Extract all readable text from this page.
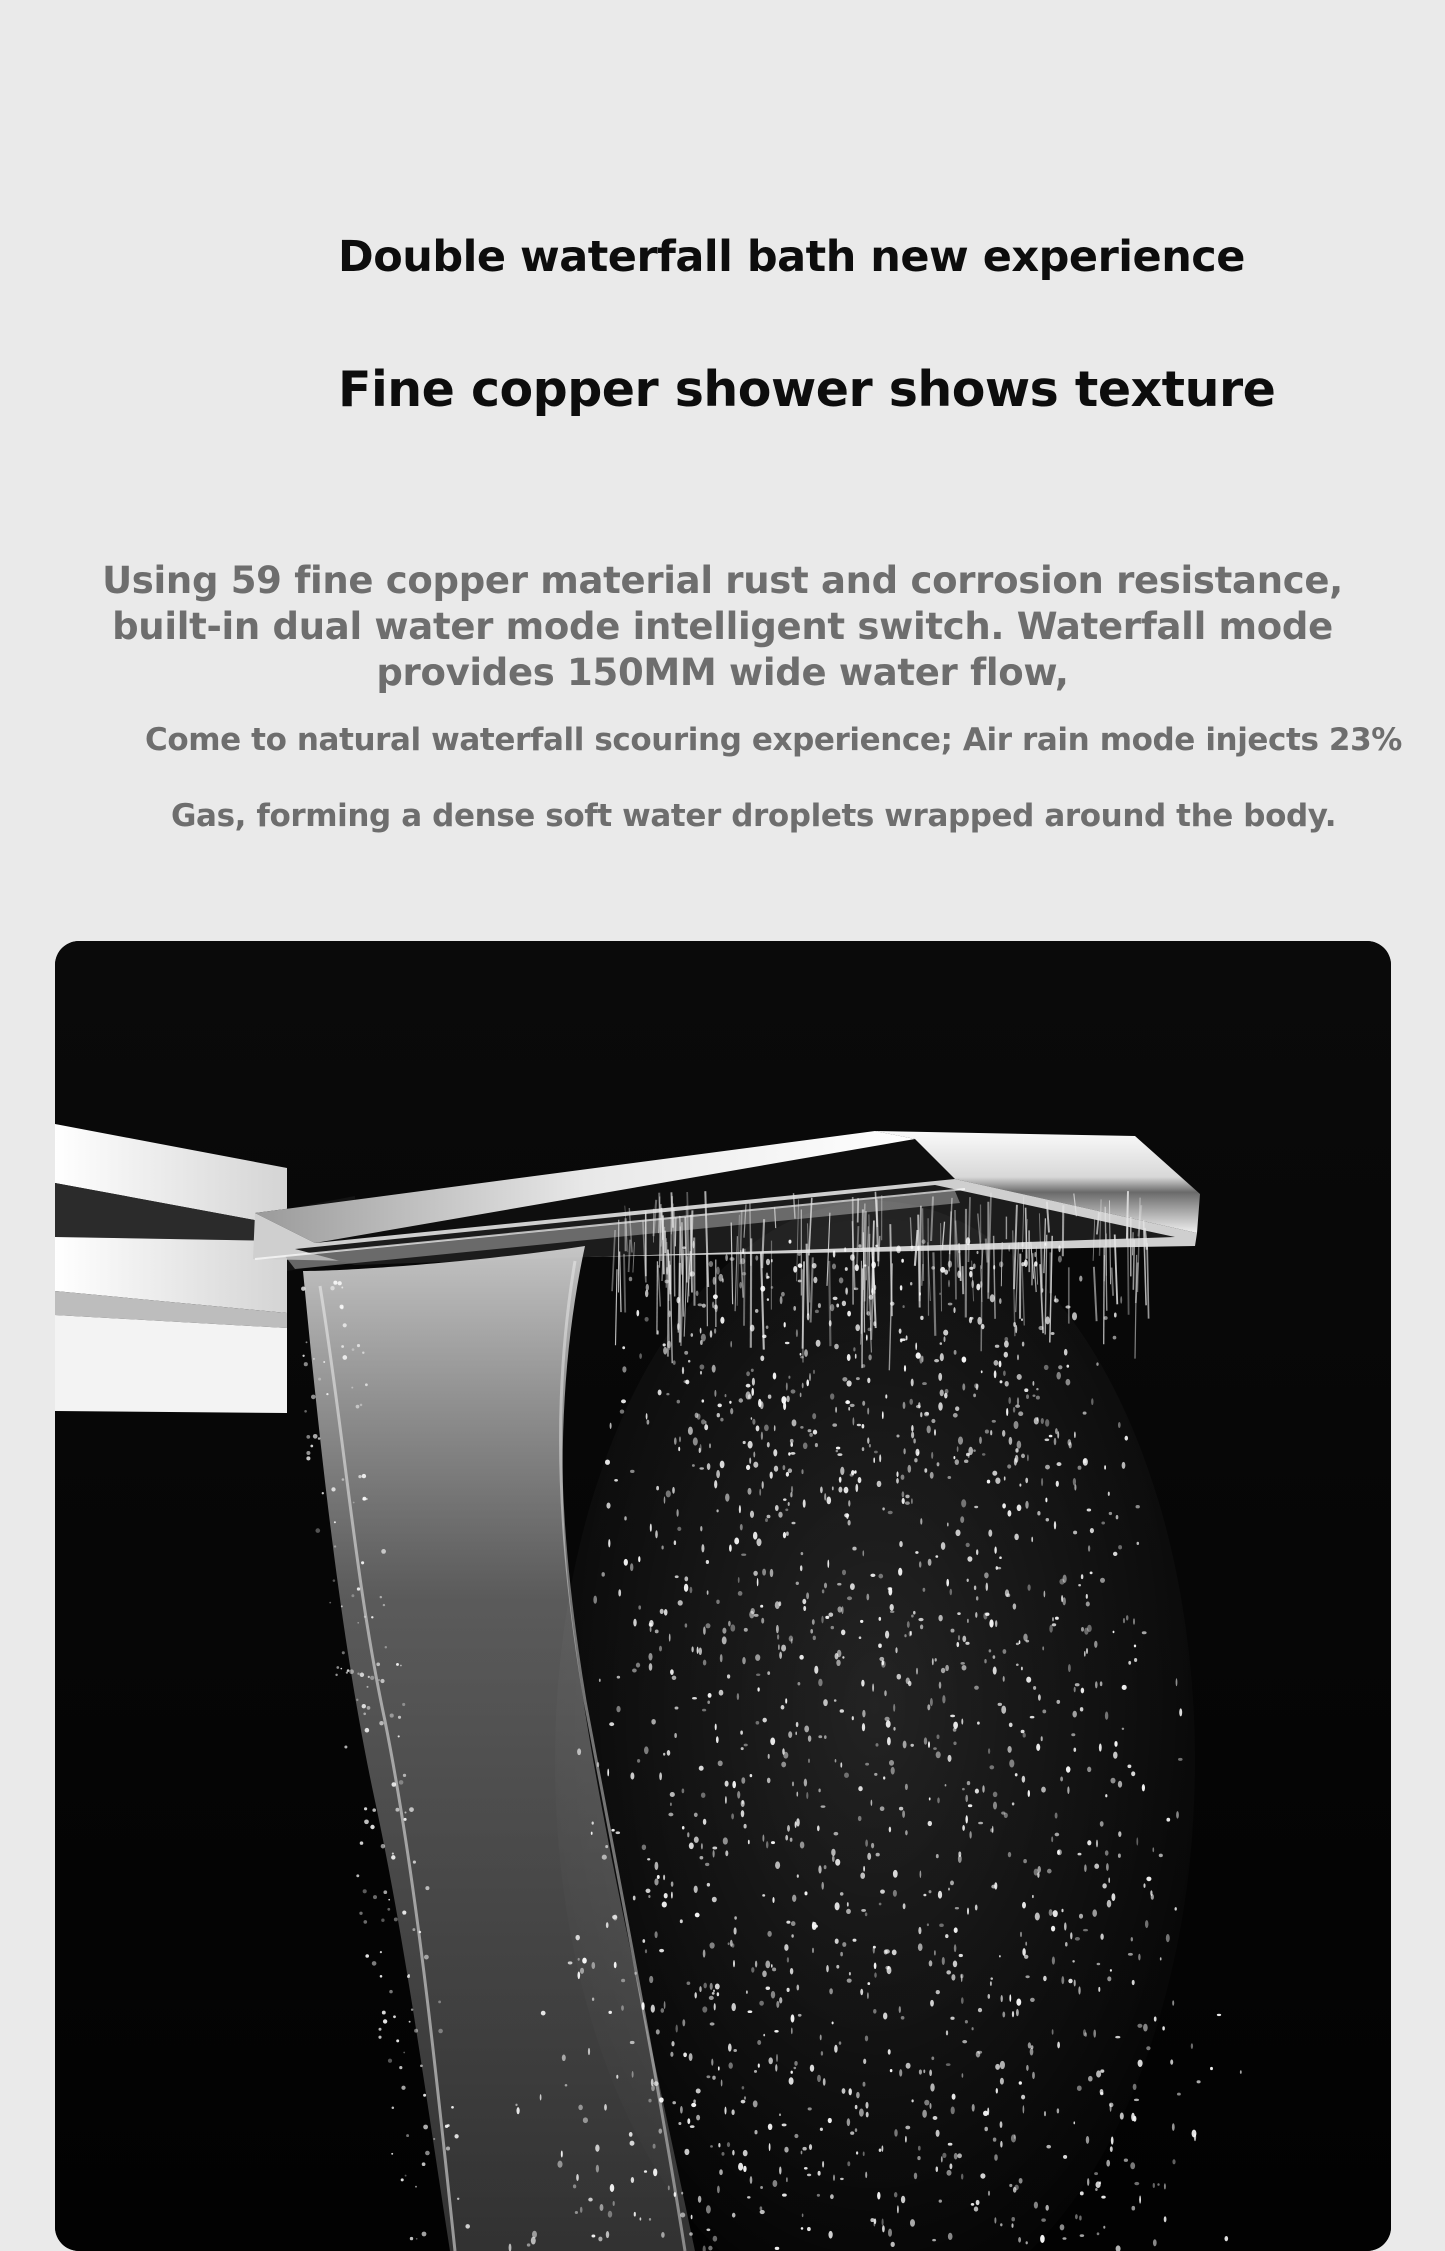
Double waterfall bath new experience
Fine copper shower shows texture

Using 59 fine copper material rust and corrosion resistance, built-in dual water mode intelligent switch. Waterfall mode provides 150MM wide water flow,

Come to natural waterfall scouring experience; Air rain mode injects 23%

Gas, forming a dense soft water droplets wrapped around the body.
